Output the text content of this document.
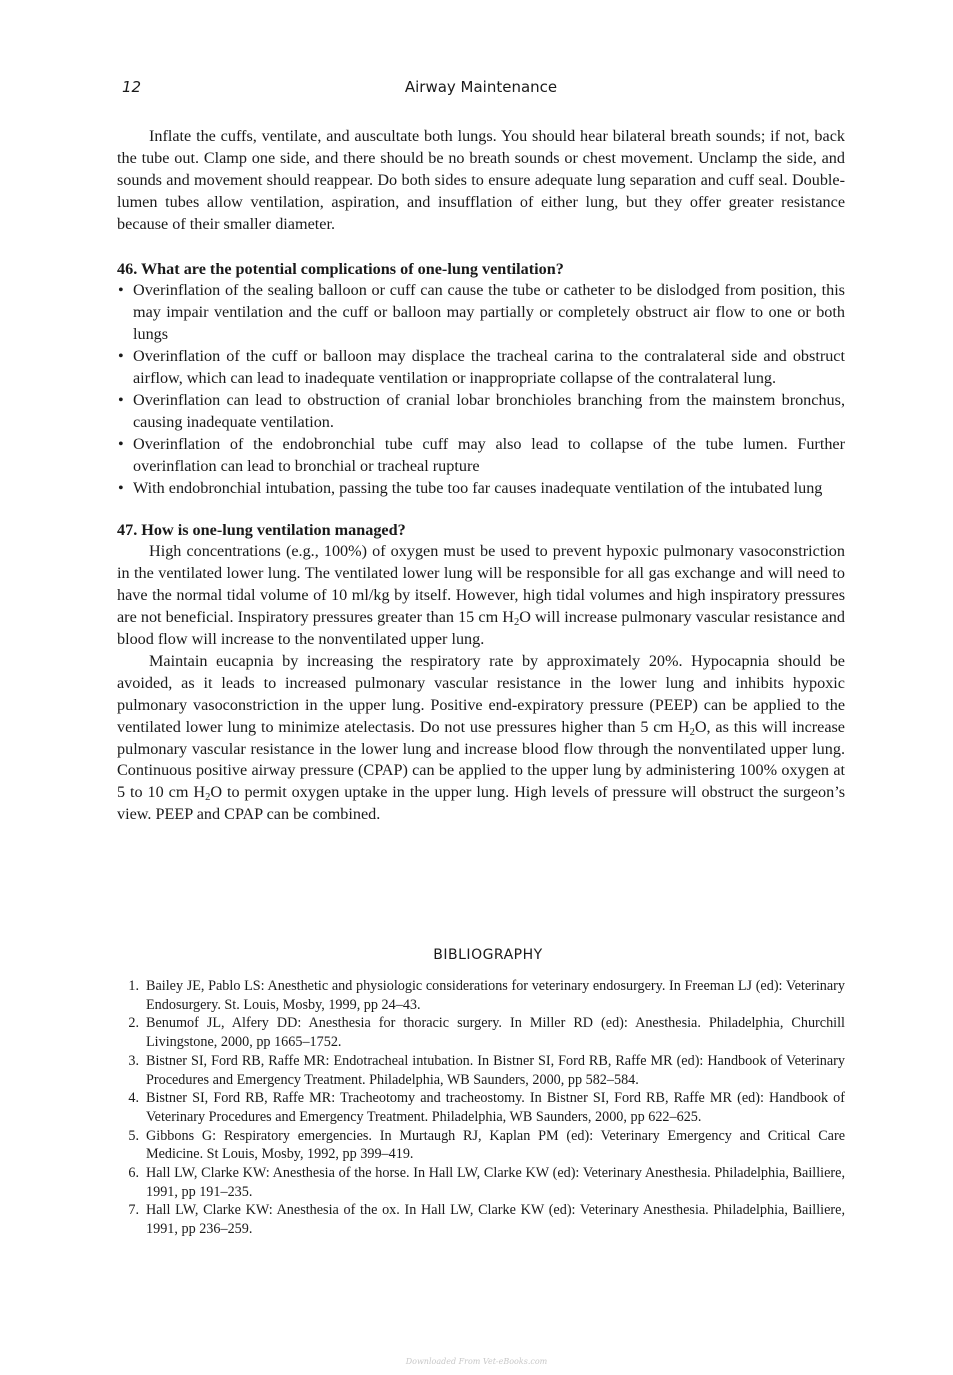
12	Airway Maintenance

Inflate the cuffs, ventilate, and auscultate both lungs. You should hear bilateral breath sounds; if not, back the tube out. Clamp one side, and there should be no breath sounds or chest movement. Unclamp the side, and sounds and movement should reappear. Do both sides to ensure adequate lung separation and cuff seal. Double-lumen tubes allow ventilation, aspiration, and insufflation of either lung, but they offer greater resistance because of their smaller diameter.

46. What are the potential complications of one-lung ventilation?
• Overinflation of the sealing balloon or cuff can cause the tube or catheter to be dislodged from position, this may impair ventilation and the cuff or balloon may partially or completely obstruct air flow to one or both lungs
• Overinflation of the cuff or balloon may displace the tracheal carina to the contralateral side and obstruct airflow, which can lead to inadequate ventilation or inappropriate collapse of the contralateral lung.
• Overinflation can lead to obstruction of cranial lobar bronchioles branching from the mainstem bronchus, causing inadequate ventilation.
• Overinflation of the endobronchial tube cuff may also lead to collapse of the tube lumen. Further overinflation can lead to bronchial or tracheal rupture
• With endobronchial intubation, passing the tube too far causes inadequate ventilation of the intubated lung
47. How is one-lung ventilation managed?

High concentrations (e.g., 100%) of oxygen must be used to prevent hypoxic pulmonary vasoconstriction in the ventilated lower lung. The ventilated lower lung will be responsible for all gas exchange and will need to have the normal tidal volume of 10 ml/kg by itself. However, high tidal volumes and high inspiratory pressures are not beneficial. Inspiratory pressures greater than 15 cm $H_2O$ will increase pulmonary vascular resistance and blood flow will increase to the nonventilated upper lung.

Maintain eucapnia by increasing the respiratory rate by approximately 20%. Hypocapnia should be avoided, as it leads to increased pulmonary vascular resistance in the lower lung and inhibits hypoxic pulmonary vasoconstriction in the upper lung. Positive end-expiratory pressure (PEEP) can be applied to the ventilated lower lung to minimize atelectasis. Do not use pressures higher than 5 cm $H_2O$, as this will increase pulmonary vascular resistance in the lower lung and increase blood flow through the nonventilated upper lung. Continuous positive airway pressure (CPAP) can be applied to the upper lung by administering 100% oxygen at 5 to 10 cm $H_2O$ to permit oxygen uptake in the upper lung. High levels of pressure will obstruct the surgeon’s view. PEEP and CPAP can be combined.

BIBLIOGRAPHY
1. Bailey JE, Pablo LS: Anesthetic and physiologic considerations for veterinary endosurgery. In Freeman LJ (ed): Veterinary Endosurgery. St. Louis, Mosby, 1999, pp 24–43.
2. Benumof JL, Alfery DD: Anesthesia for thoracic surgery. In Miller RD (ed): Anesthesia. Philadelphia, Churchill Livingstone, 2000, pp 1665–1752.
3. Bistner SI, Ford RB, Raffe MR: Endotracheal intubation. In Bistner SI, Ford RB, Raffe MR (ed): Handbook of Veterinary Procedures and Emergency Treatment. Philadelphia, WB Saunders, 2000, pp 582–584.
4. Bistner SI, Ford RB, Raffe MR: Tracheotomy and tracheostomy. In Bistner SI, Ford RB, Raffe MR (ed): Handbook of Veterinary Procedures and Emergency Treatment. Philadelphia, WB Saunders, 2000, pp 622–625.
5. Gibbons G: Respiratory emergencies. In Murtaugh RJ, Kaplan PM (ed): Veterinary Emergency and Critical Care Medicine. St Louis, Mosby, 1992, pp 399–419.
6. Hall LW, Clarke KW: Anesthesia of the horse. In Hall LW, Clarke KW (ed): Veterinary Anesthesia. Philadelphia, Bailliere, 1991, pp 191–235.
7. Hall LW, Clarke KW: Anesthesia of the ox. In Hall LW, Clarke KW (ed): Veterinary Anesthesia. Philadelphia, Bailliere, 1991, pp 236–259.
Downloaded From Vet-eBooks.com
